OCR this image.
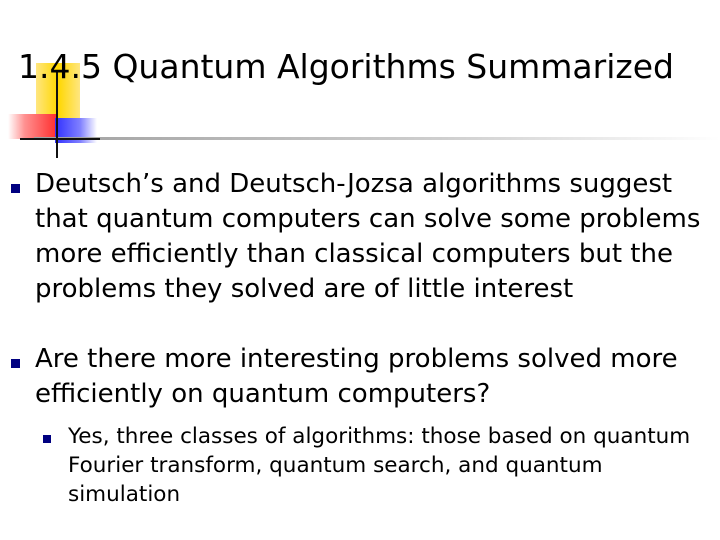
1.4.5 Quantum Algorithms Summarized

Deutsch’s and Deutsch-Jozsa algorithms suggest that quantum computers can solve some problems more efficiently than classical computers but the problems they solved are of little interest

Are there more interesting problems solved more efficiently on quantum computers?

Yes, three classes of algorithms: those based on quantum Fourier transform, quantum search, and quantum simulation
